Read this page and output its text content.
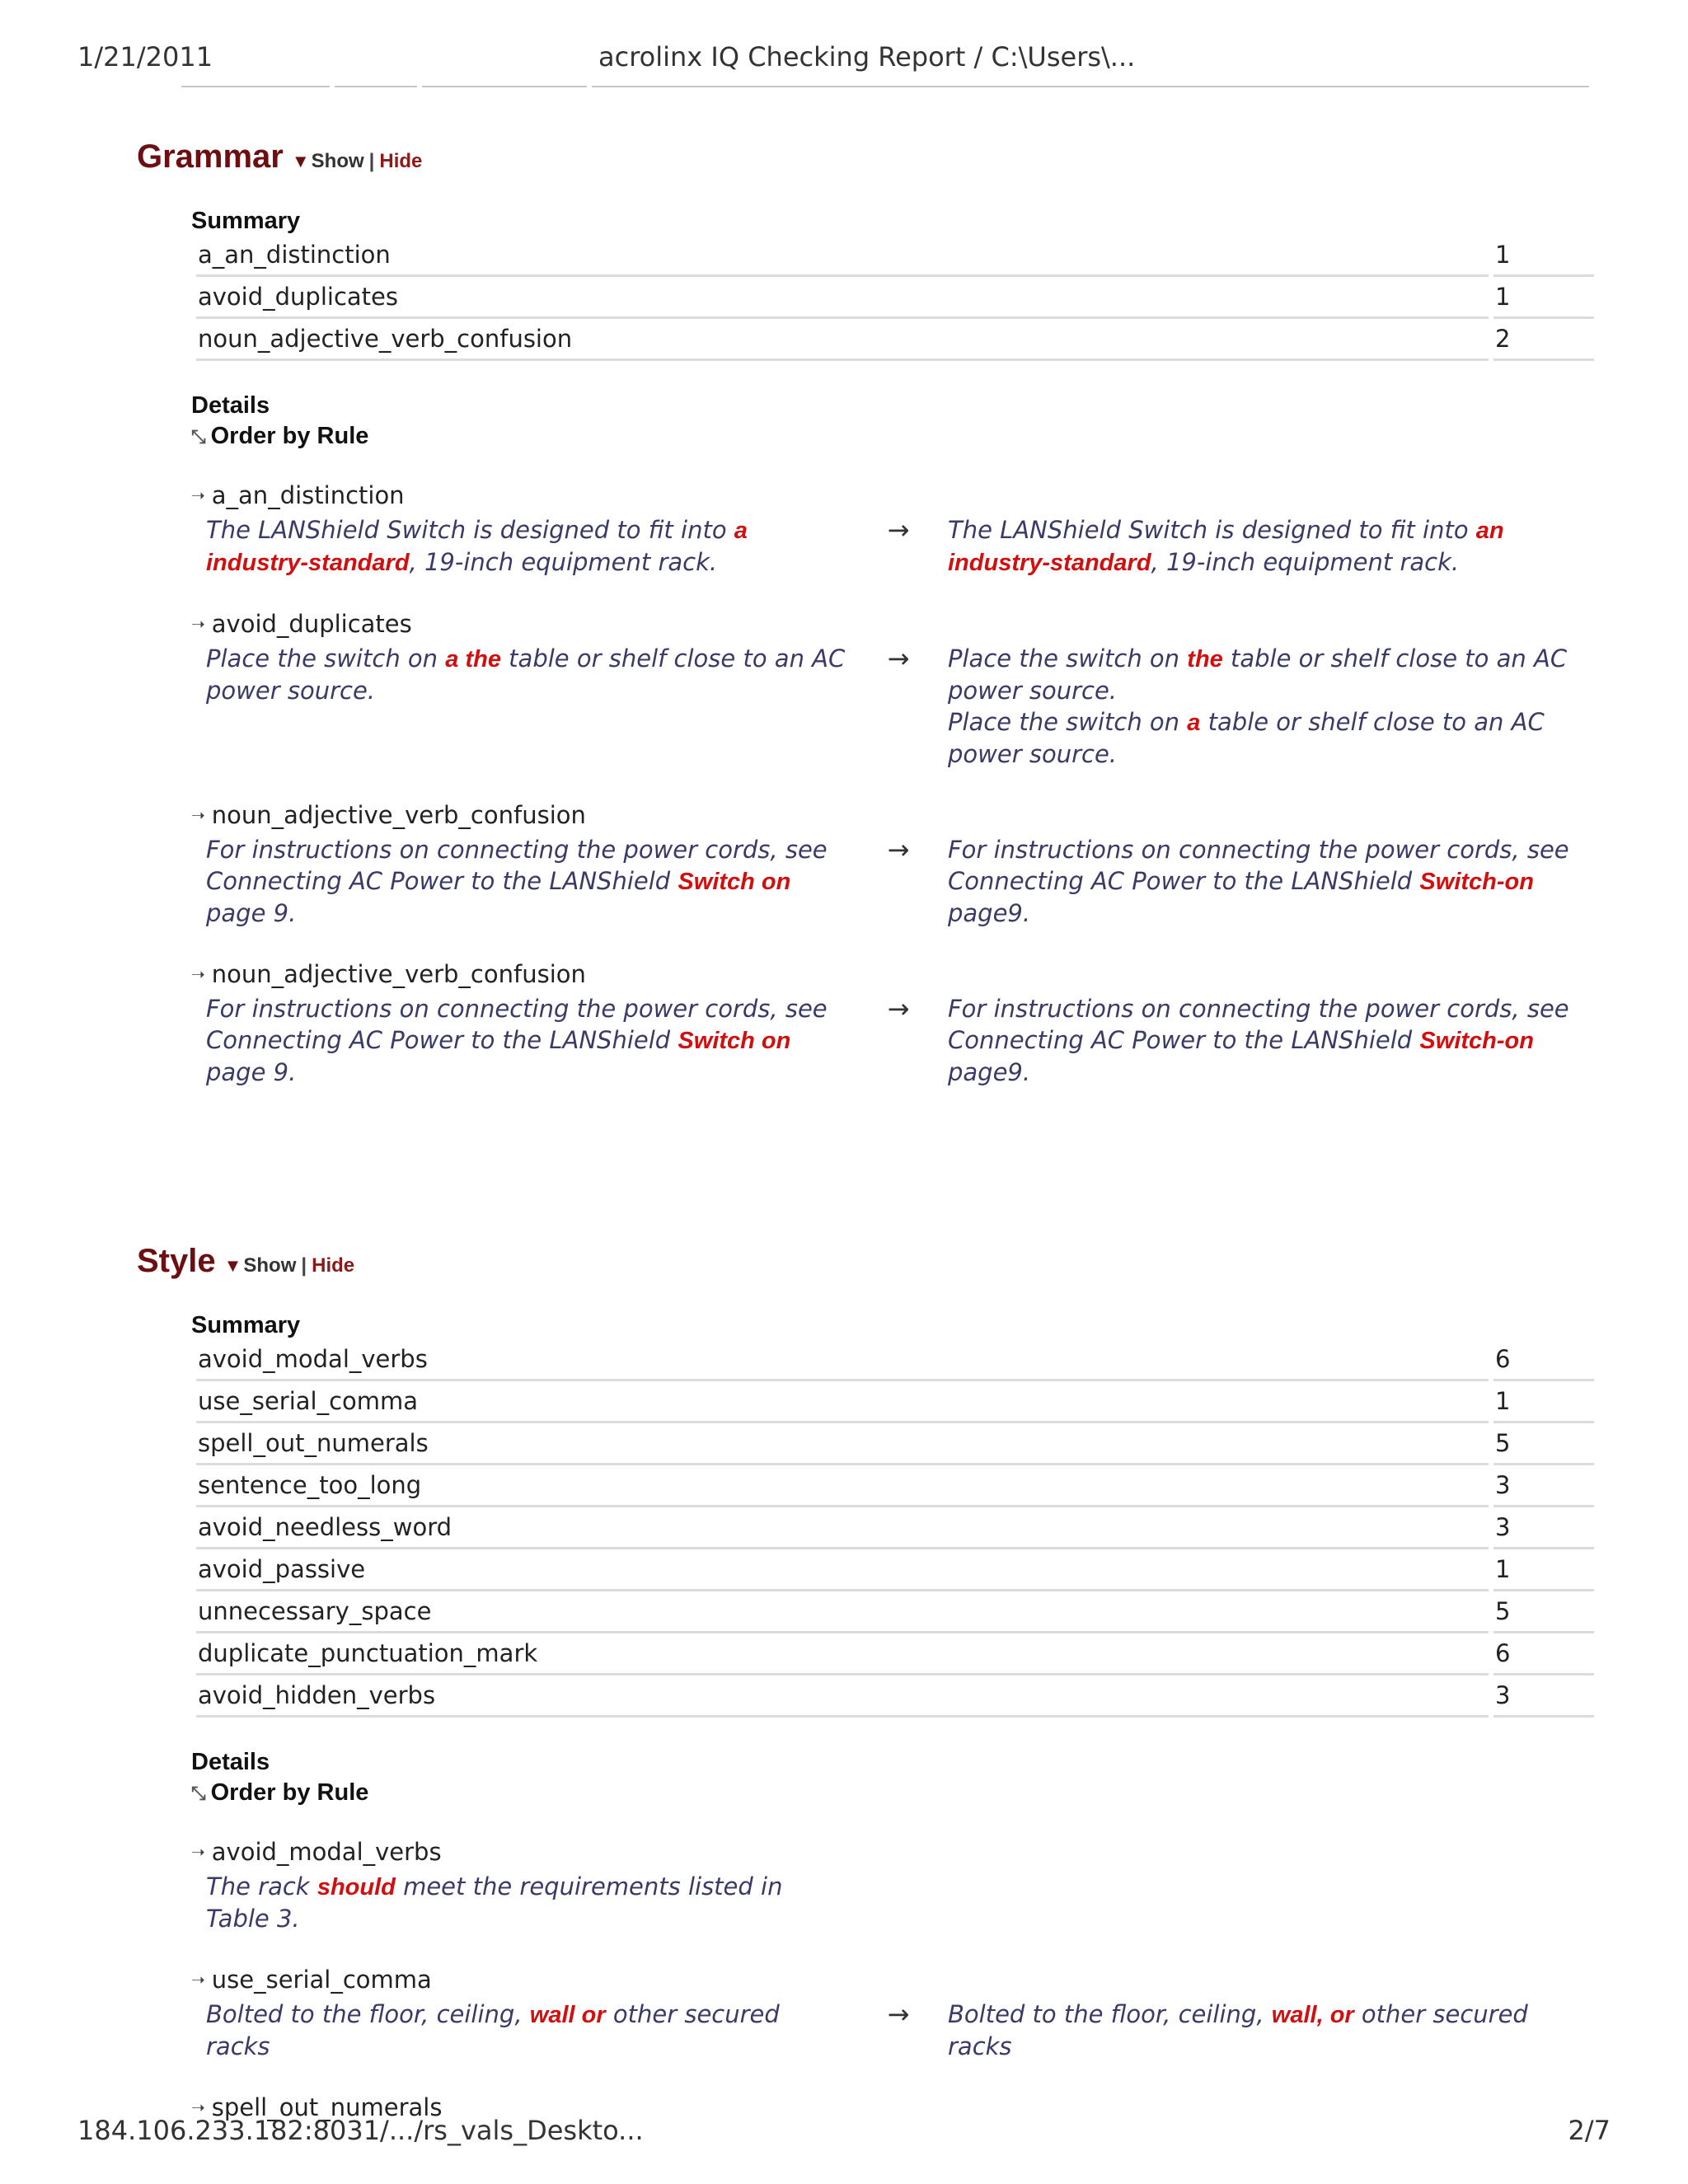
1/21/2011	acrolinx IQ Checking Report / C:\Users\...
Grammar ▼Show | Hide
Summary
a_an_distinction	1
avoid_duplicates	1
noun_adjective_verb_confusion	2
Details
⤡ Order by Rule
➝ a_an_distinction
The LANShield Switch is designed to fit into a industry-standard, 19-inch equipment rack.
→	The LANShield Switch is designed to fit into an industry-standard, 19-inch equipment rack.
➝ avoid_duplicates
Place the switch on a the table or shelf close to an AC power source.
→	Place the switch on the table or shelf close to an AC power source.
Place the switch on a table or shelf close to an AC power source.
➝ noun_adjective_verb_confusion
For instructions on connecting the power cords, see Connecting AC Power to the LANShield Switch on page 9.
→	For instructions on connecting the power cords, see Connecting AC Power to the LANShield Switch-on page9.
➝ noun_adjective_verb_confusion
For instructions on connecting the power cords, see Connecting AC Power to the LANShield Switch on page 9.
→	For instructions on connecting the power cords, see Connecting AC Power to the LANShield Switch-on page9.
Style ▼Show | Hide
Summary
avoid_modal_verbs	6
use_serial_comma	1
spell_out_numerals	5
sentence_too_long	3
avoid_needless_word	3
avoid_passive	1
unnecessary_space	5
duplicate_punctuation_mark	6
avoid_hidden_verbs	3
Details
⤡ Order by Rule
➝ avoid_modal_verbs
The rack should meet the requirements listed in Table 3.
➝ use_serial_comma
Bolted to the floor, ceiling, wall or other secured racks
→	Bolted to the floor, ceiling, wall, or other secured racks
➝ spell_out_numerals
184.106.233.182:8031/.../rs_vals_Deskto...	2/7
